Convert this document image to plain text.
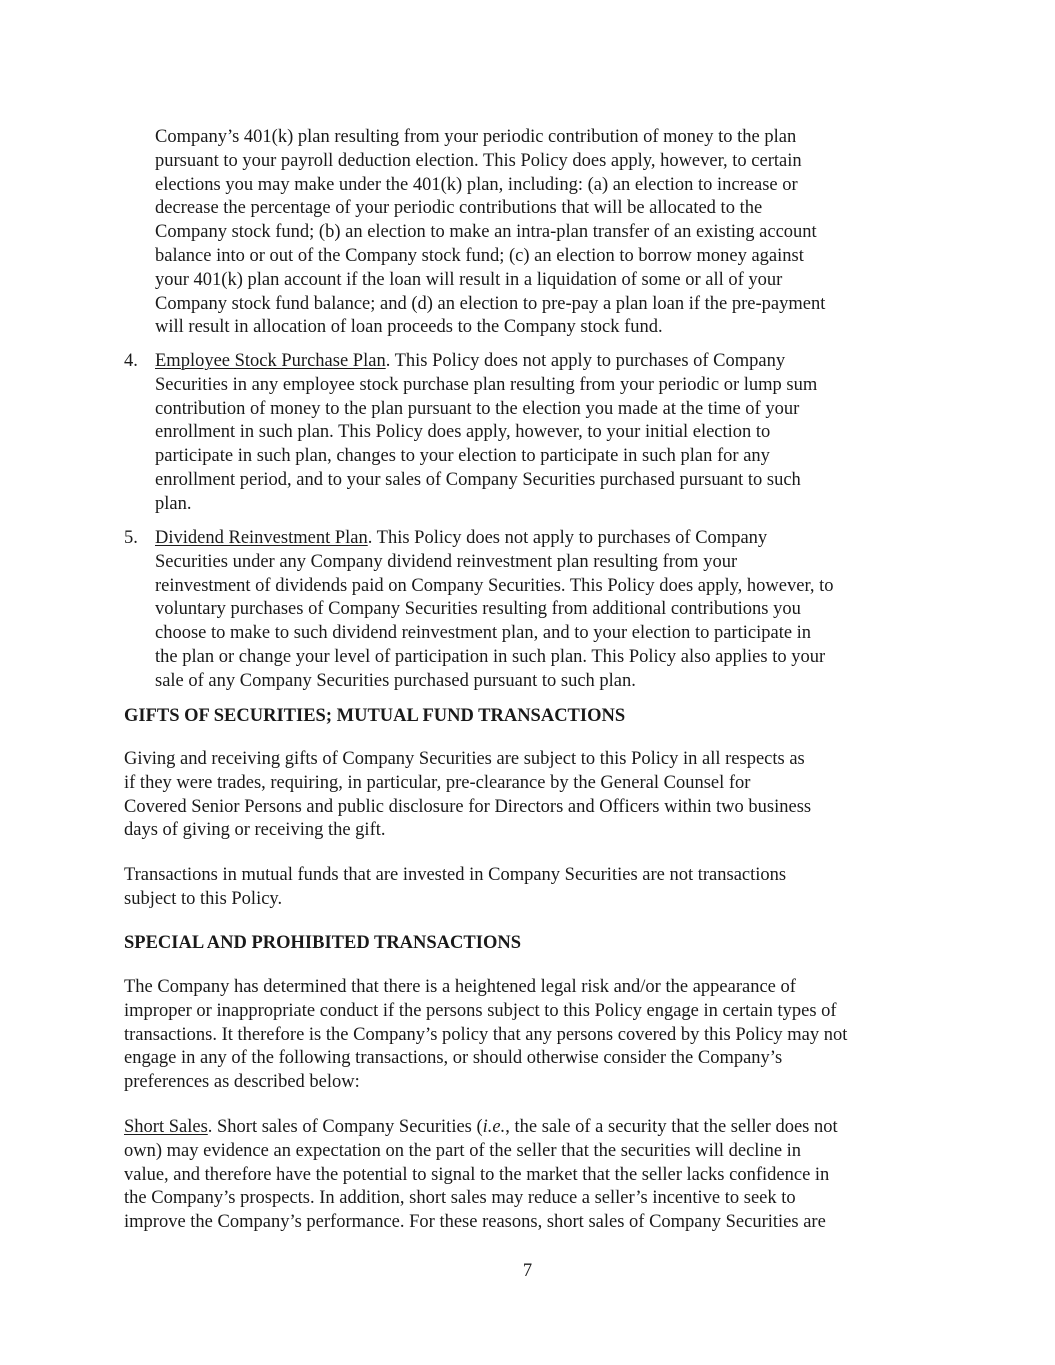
Company’s 401(k) plan resulting from your periodic contribution of money to the plan
pursuant to your payroll deduction election. This Policy does apply, however, to certain
elections you may make under the 401(k) plan, including: (a) an election to increase or
decrease the percentage of your periodic contributions that will be allocated to the
Company stock fund; (b) an election to make an intra-plan transfer of an existing account
balance into or out of the Company stock fund; (c) an election to borrow money against
your 401(k) plan account if the loan will result in a liquidation of some or all of your
Company stock fund balance; and (d) an election to pre-pay a plan loan if the pre-payment
will result in allocation of loan proceeds to the Company stock fund.
4. Employee Stock Purchase Plan. This Policy does not apply to purchases of Company
Securities in any employee stock purchase plan resulting from your periodic or lump sum
contribution of money to the plan pursuant to the election you made at the time of your
enrollment in such plan. This Policy does apply, however, to your initial election to
participate in such plan, changes to your election to participate in such plan for any
enrollment period, and to your sales of Company Securities purchased pursuant to such
plan.
5. Dividend Reinvestment Plan. This Policy does not apply to purchases of Company
Securities under any Company dividend reinvestment plan resulting from your
reinvestment of dividends paid on Company Securities. This Policy does apply, however, to
voluntary purchases of Company Securities resulting from additional contributions you
choose to make to such dividend reinvestment plan, and to your election to participate in
the plan or change your level of participation in such plan. This Policy also applies to your
sale of any Company Securities purchased pursuant to such plan.
GIFTS OF SECURITIES; MUTUAL FUND TRANSACTIONS
Giving and receiving gifts of Company Securities are subject to this Policy in all respects as
if they were trades, requiring, in particular, pre-clearance by the General Counsel for
Covered Senior Persons and public disclosure for Directors and Officers within two business
days of giving or receiving the gift.
Transactions in mutual funds that are invested in Company Securities are not transactions
subject to this Policy.
SPECIAL AND PROHIBITED TRANSACTIONS
The Company has determined that there is a heightened legal risk and/or the appearance of
improper or inappropriate conduct if the persons subject to this Policy engage in certain types of
transactions. It therefore is the Company’s policy that any persons covered by this Policy may not
engage in any of the following transactions, or should otherwise consider the Company’s
preferences as described below:
Short Sales. Short sales of Company Securities (i.e., the sale of a security that the seller does not
own) may evidence an expectation on the part of the seller that the securities will decline in
value, and therefore have the potential to signal to the market that the seller lacks confidence in
the Company’s prospects. In addition, short sales may reduce a seller’s incentive to seek to
improve the Company’s performance. For these reasons, short sales of Company Securities are
7
